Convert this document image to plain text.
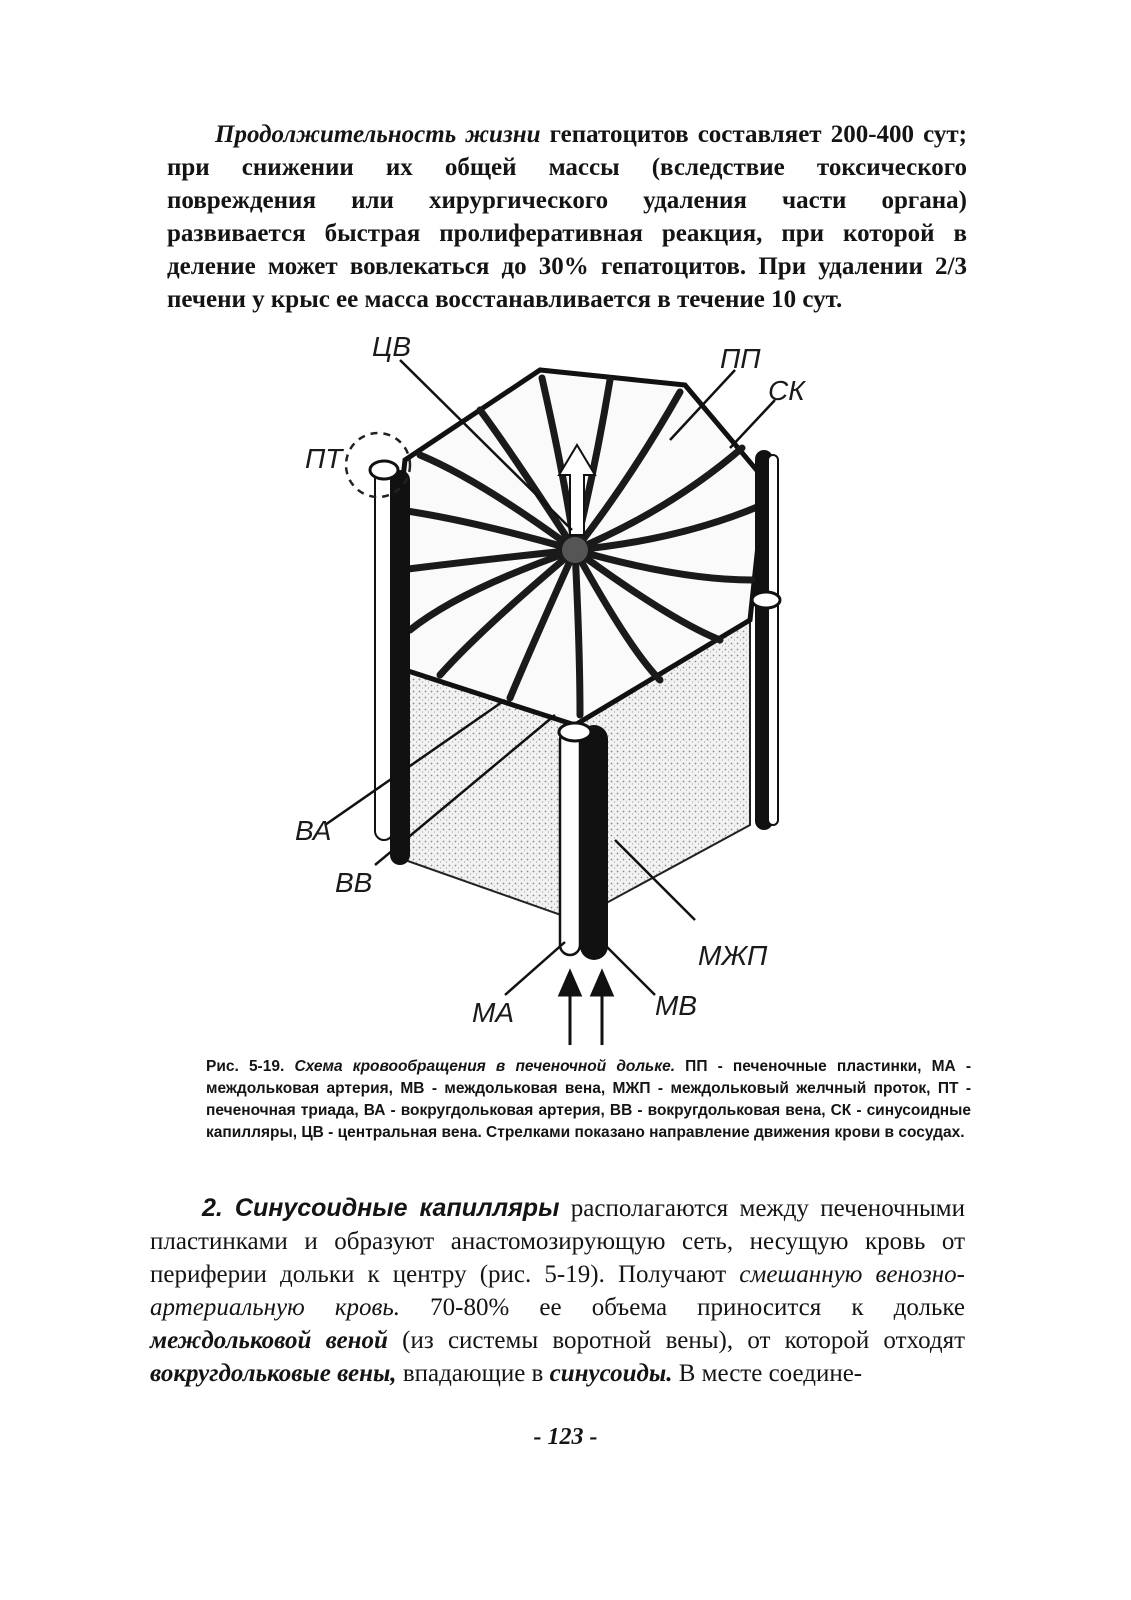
Продолжительность жизни гепатоцитов составляет 200-400 сут; при снижении их общей массы (вследствие токсического повреждения или хирургического удаления части органа) развивается быстрая пролиферативная реакция, при которой в деление может вовлекаться до 30% гепатоцитов. При удалении 2/3 печени у крыс ее масса восстанавливается в течение 10 сут.

ЦВ	ПП
СК
ПТ
ВА
ВВ
МЖП
МА	МВ

Рис. 5-19. Схема кровообращения в печеночной дольке. ПП - печеночные пластинки, МА - междольковая артерия, МВ - междольковая вена, МЖП - междольковый желчный проток, ПТ - печеночная триада, ВА - вокругдольковая артерия, ВВ - вокругдольковая вена, СК - синусоидные капилляры, ЦВ - центральная вена. Стрелками показано направление движения крови в сосудах.

2. Синусоидные капилляры располагаются между печеночными пластинками и образуют анастомозирующую сеть, несущую кровь от периферии дольки к центру (рис. 5-19). Получают смешанную венозно-артериальную кровь. 70-80% ее объема приносится к дольке междольковой веной (из системы воротной вены), от которой отходят вокругдольковые вены, впадающие в синусоиды. В месте соедине-

- 123 -
